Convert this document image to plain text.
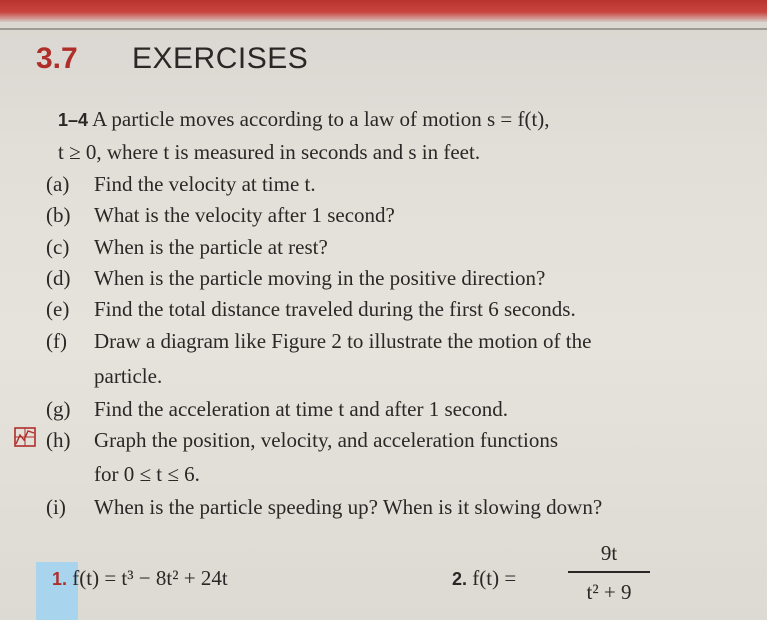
3.7 EXERCISES
1–4 A particle moves according to a law of motion s = f(t),
t ≥ 0, where t is measured in seconds and s in feet.
(a) Find the velocity at time t.
(b) What is the velocity after 1 second?
(c) When is the particle at rest?
(d) When is the particle moving in the positive direction?
(e) Find the total distance traveled during the first 6 seconds.
(f) Draw a diagram like Figure 2 to illustrate the motion of the
particle.
(g) Find the acceleration at time t and after 1 second.
(h) Graph the position, velocity, and acceleration functions
for 0 ≤ t ≤ 6.
(i) When is the particle speeding up? When is it slowing down?
1. f(t) = t³ − 8t² + 24t	2. f(t) =
9t
t² + 9
